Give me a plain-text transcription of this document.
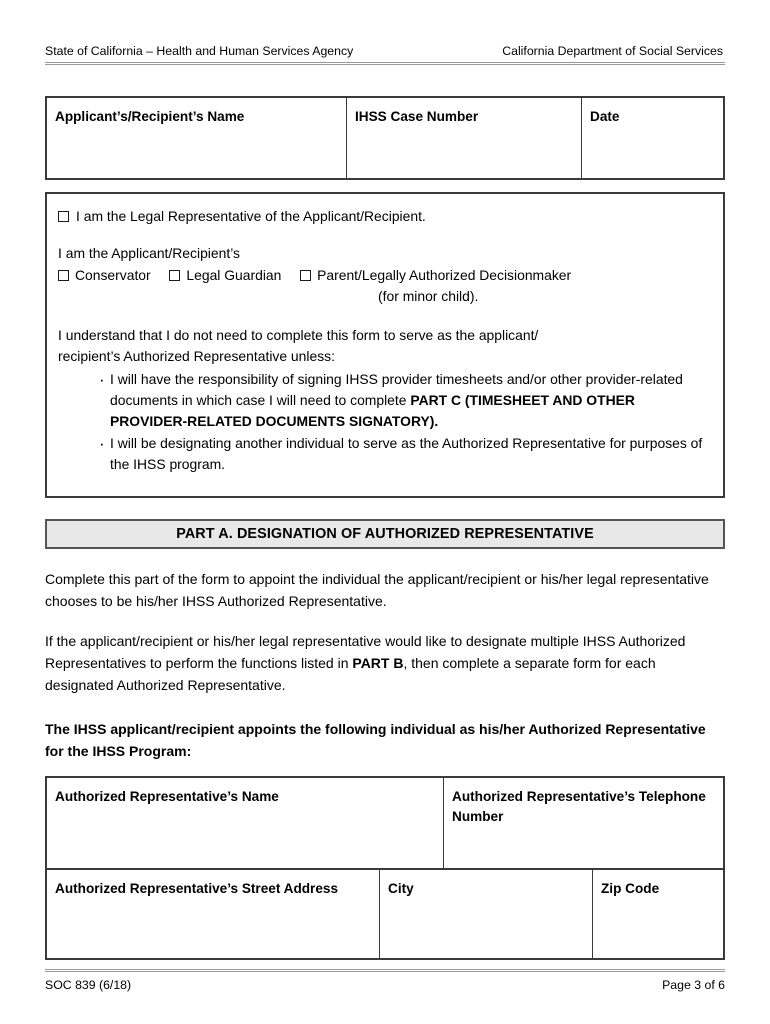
State of California – Health and Human Services Agency	California Department of Social Services
Applicant’s/Recipient’s Name	IHSS Case Number	Date
I am the Legal Representative of the Applicant/Recipient.
I am the Applicant/Recipient’s
Conservator	Legal Guardian	Parent/Legally Authorized Decisionmaker
(for minor child).
I understand that I do not need to complete this form to serve as the applicant/
recipient’s Authorized Representative unless:
· I will have the responsibility of signing IHSS provider timesheets and/or other provider-related documents in which case I will need to complete PART C (TIMESHEET AND OTHER PROVIDER-RELATED DOCUMENTS SIGNATORY).
· I will be designating another individual to serve as the Authorized Representative for purposes of the IHSS program.
PART A. DESIGNATION OF AUTHORIZED REPRESENTATIVE
Complete this part of the form to appoint the individual the applicant/recipient or his/her legal representative chooses to be his/her IHSS Authorized Representative.
If the applicant/recipient or his/her legal representative would like to designate multiple IHSS Authorized Representatives to perform the functions listed in PART B, then complete a separate form for each designated Authorized Representative.
The IHSS applicant/recipient appoints the following individual as his/her Authorized Representative for the IHSS Program:
Authorized Representative’s Name	Authorized Representative’s Telephone Number
Authorized Representative’s Street Address	City	Zip Code
SOC 839 (6/18)	Page 3 of 6
